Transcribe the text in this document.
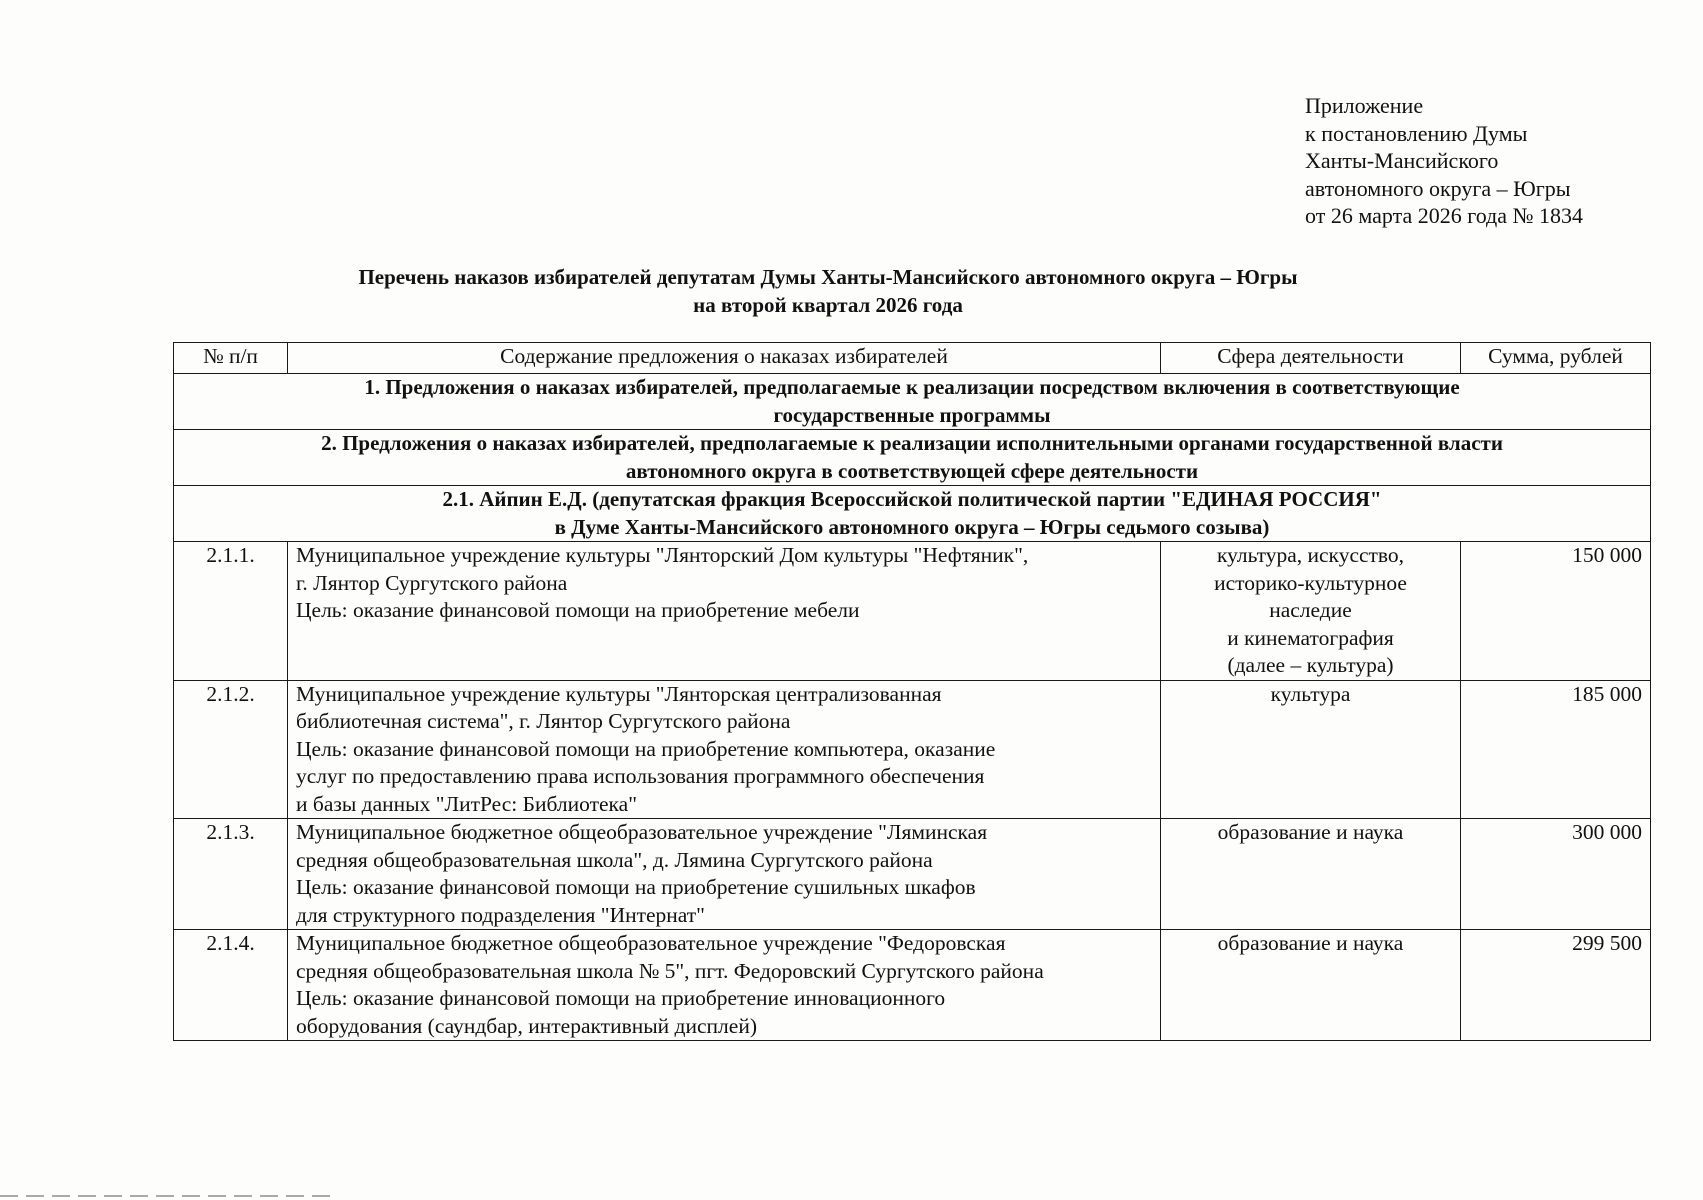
Приложение
к постановлению Думы
Ханты-Мансийского
автономного округа – Югры
от 26 марта 2026 года № 1834
Перечень наказов избирателей депутатам Думы Ханты-Мансийского автономного округа – Югры
на второй квартал 2026 года
№ п/п	Содержание предложения о наказах избирателей	Сфера деятельности	Сумма, рублей

1. Предложения о наказах избирателей, предполагаемые к реализации посредством включения в соответствующие
государственные программы			

2. Предложения о наказах избирателей, предполагаемые к реализации исполнительными органами государственной власти
автономного округа в соответствующей сфере деятельности			

2.1. Айпин Е.Д. (депутатская фракция Всероссийской политической партии "ЕДИНАЯ РОССИЯ"
в Думе Ханты-Мансийского автономного округа – Югры седьмого созыва)			

2.1.1.	Муниципальное учреждение культуры "Лянторский Дом культуры "Нефтяник",
г. Лянтор Сургутского района
Цель: оказание финансовой помощи на приобретение мебели	культура, искусство,
историко-культурное
наследие
и кинематография
(далее – культура)	150 000
2.1.2.	Муниципальное учреждение культуры "Лянторская централизованная
библиотечная система", г. Лянтор Сургутского района
Цель: оказание финансовой помощи на приобретение компьютера, оказание
услуг по предоставлению права использования программного обеспечения
и базы данных "ЛитРес: Библиотека"	культура	185 000
2.1.3.	Муниципальное бюджетное общеобразовательное учреждение "Ляминская
средняя общеобразовательная школа", д. Лямина Сургутского района
Цель: оказание финансовой помощи на приобретение сушильных шкафов
для структурного подразделения "Интернат"	образование и наука	300 000
2.1.4.	Муниципальное бюджетное общеобразовательное учреждение "Федоровская
средняя общеобразовательная школа № 5", пгт. Федоровский Сургутского района
Цель: оказание финансовой помощи на приобретение инновационного
оборудования (саундбар, интерактивный дисплей)	образование и наука	299 500
